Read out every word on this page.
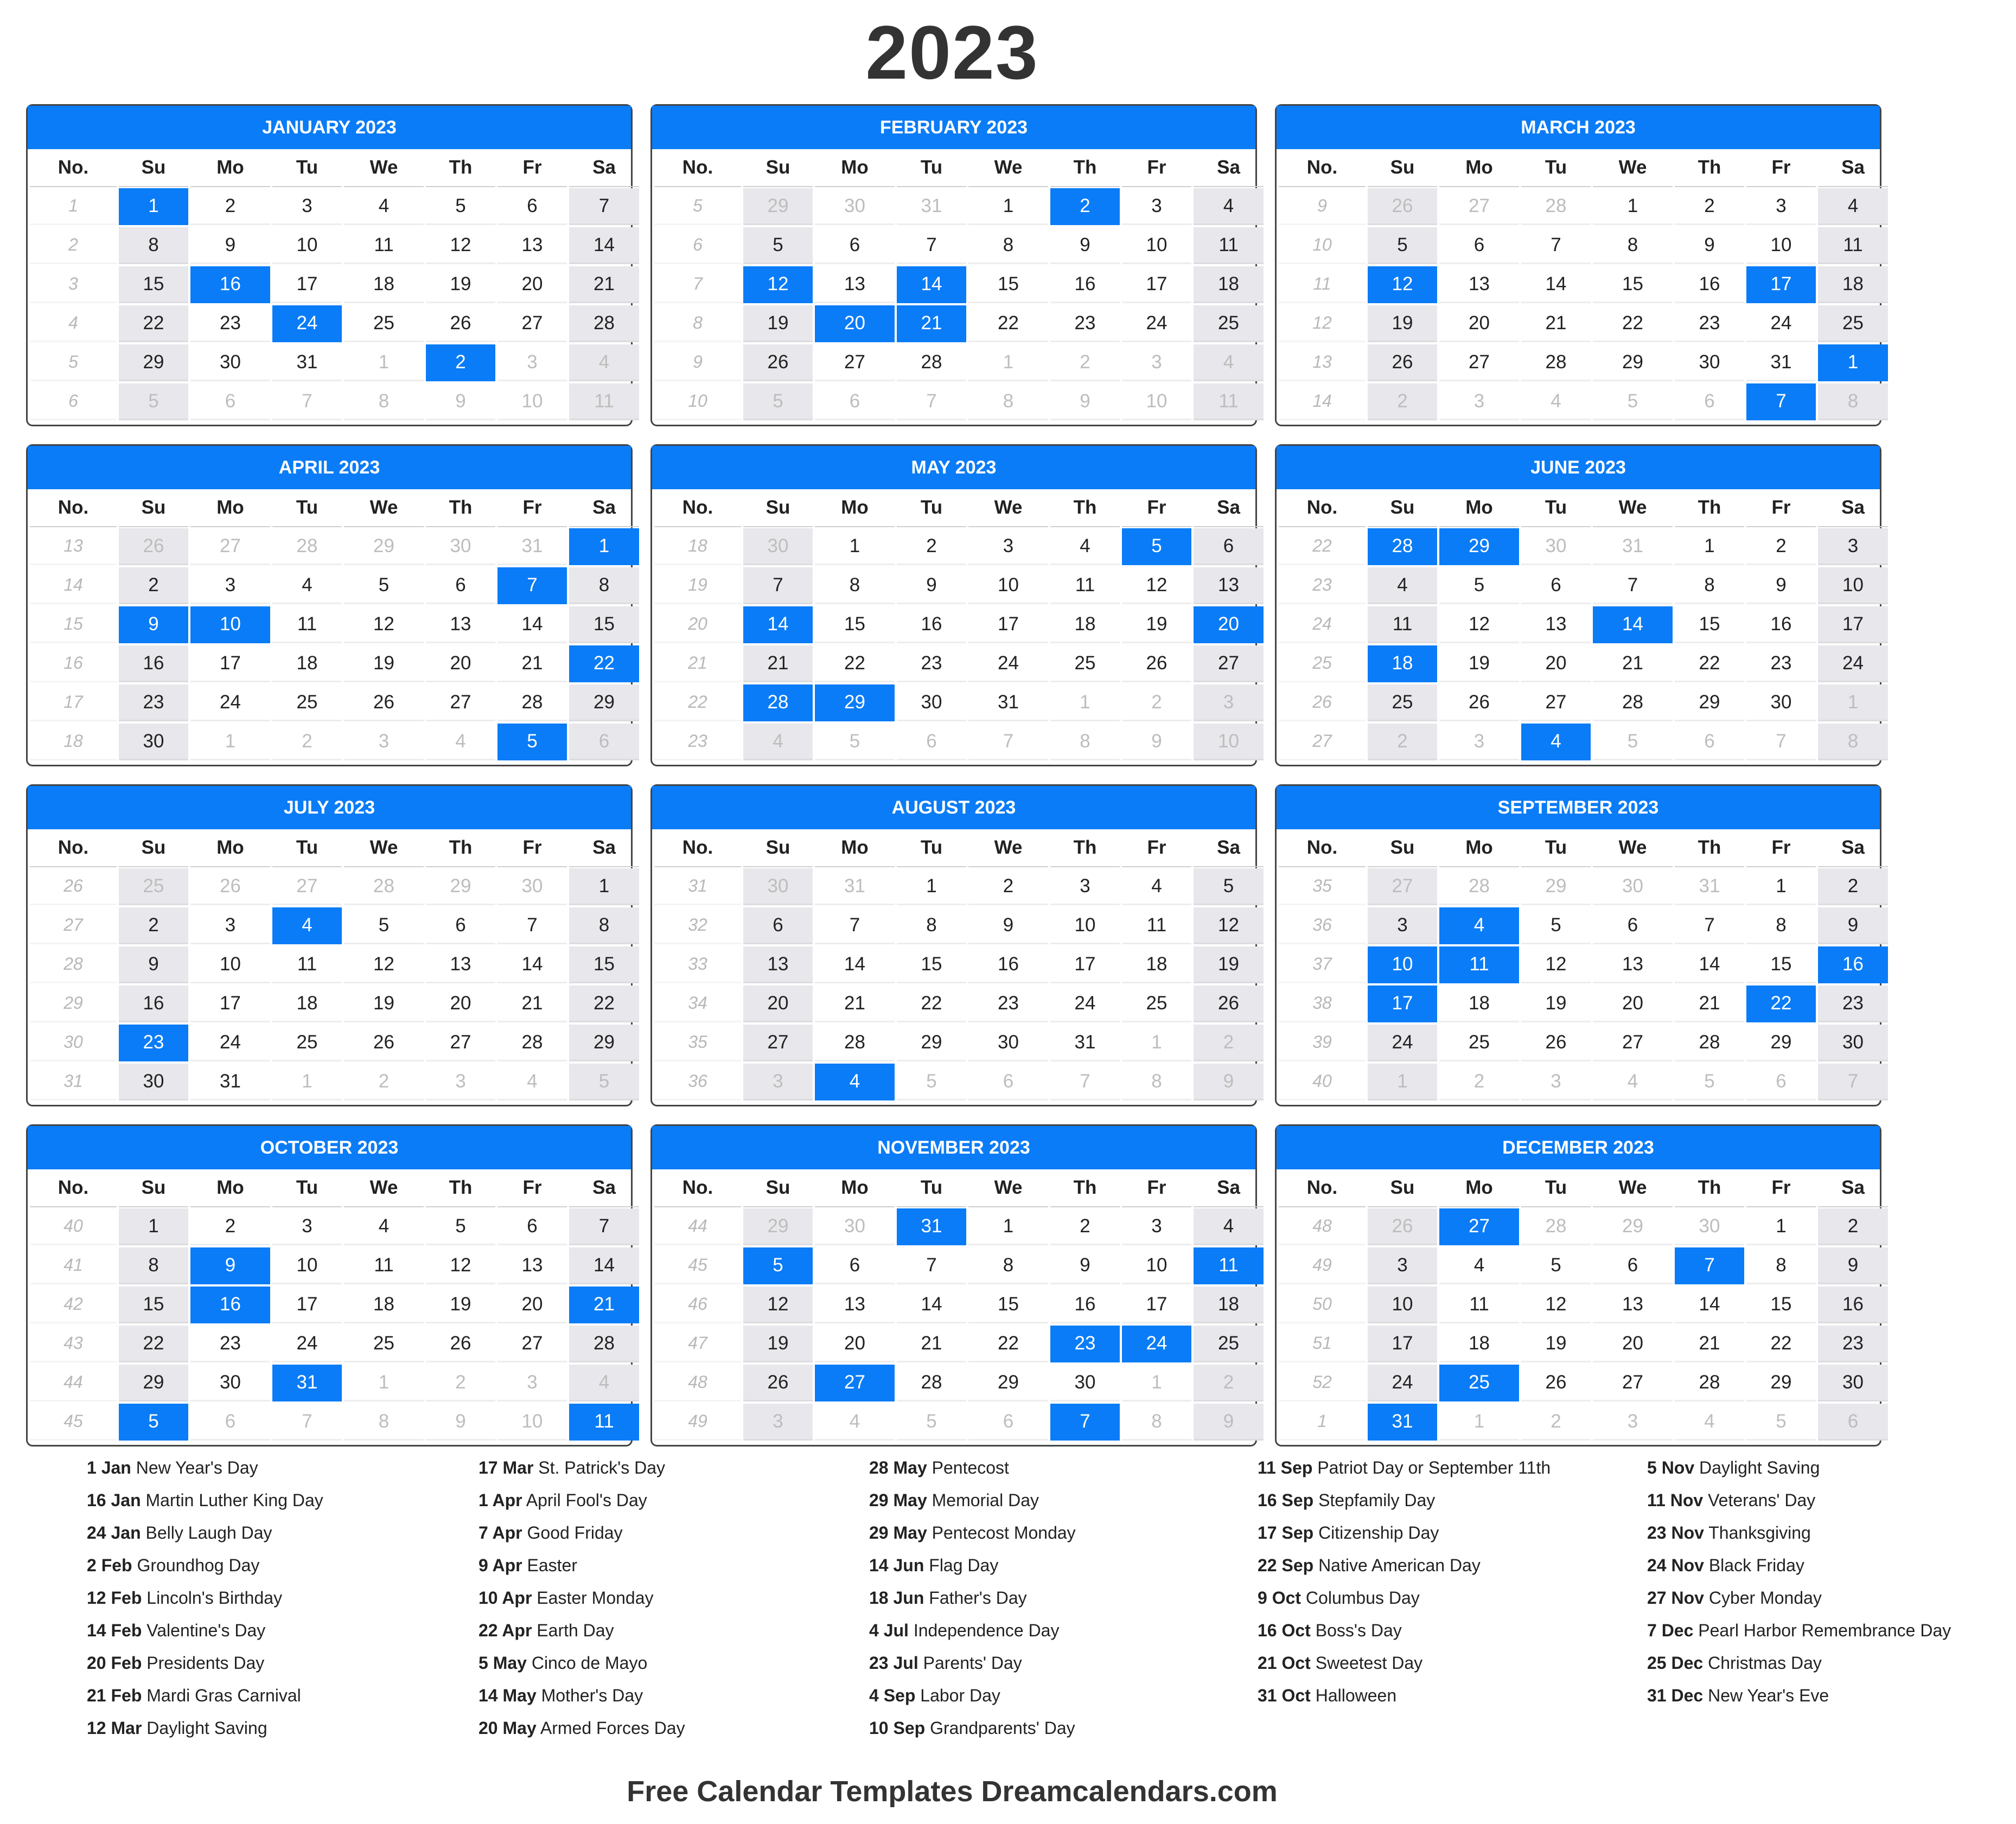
2023
JANUARY 2023
No.	Su	Mo	Tu	We	Th	Fr	Sa
1	1	2	3	4	5	6	7
2	8	9	10	11	12	13	14
3	15	16	17	18	19	20	21
4	22	23	24	25	26	27	28
5	29	30	31	1	2	3	4
6	5	6	7	8	9	10	11
FEBRUARY 2023
No.	Su	Mo	Tu	We	Th	Fr	Sa
5	29	30	31	1	2	3	4
6	5	6	7	8	9	10	11
7	12	13	14	15	16	17	18
8	19	20	21	22	23	24	25
9	26	27	28	1	2	3	4
10	5	6	7	8	9	10	11
MARCH 2023
No.	Su	Mo	Tu	We	Th	Fr	Sa
9	26	27	28	1	2	3	4
10	5	6	7	8	9	10	11
11	12	13	14	15	16	17	18
12	19	20	21	22	23	24	25
13	26	27	28	29	30	31	1
14	2	3	4	5	6	7	8
APRIL 2023
No.	Su	Mo	Tu	We	Th	Fr	Sa
13	26	27	28	29	30	31	1
14	2	3	4	5	6	7	8
15	9	10	11	12	13	14	15
16	16	17	18	19	20	21	22
17	23	24	25	26	27	28	29
18	30	1	2	3	4	5	6
MAY 2023
No.	Su	Mo	Tu	We	Th	Fr	Sa
18	30	1	2	3	4	5	6
19	7	8	9	10	11	12	13
20	14	15	16	17	18	19	20
21	21	22	23	24	25	26	27
22	28	29	30	31	1	2	3
23	4	5	6	7	8	9	10
JUNE 2023
No.	Su	Mo	Tu	We	Th	Fr	Sa
22	28	29	30	31	1	2	3
23	4	5	6	7	8	9	10
24	11	12	13	14	15	16	17
25	18	19	20	21	22	23	24
26	25	26	27	28	29	30	1
27	2	3	4	5	6	7	8
JULY 2023
No.	Su	Mo	Tu	We	Th	Fr	Sa
26	25	26	27	28	29	30	1
27	2	3	4	5	6	7	8
28	9	10	11	12	13	14	15
29	16	17	18	19	20	21	22
30	23	24	25	26	27	28	29
31	30	31	1	2	3	4	5
AUGUST 2023
No.	Su	Mo	Tu	We	Th	Fr	Sa
31	30	31	1	2	3	4	5
32	6	7	8	9	10	11	12
33	13	14	15	16	17	18	19
34	20	21	22	23	24	25	26
35	27	28	29	30	31	1	2
36	3	4	5	6	7	8	9
SEPTEMBER 2023
No.	Su	Mo	Tu	We	Th	Fr	Sa
35	27	28	29	30	31	1	2
36	3	4	5	6	7	8	9
37	10	11	12	13	14	15	16
38	17	18	19	20	21	22	23
39	24	25	26	27	28	29	30
40	1	2	3	4	5	6	7
OCTOBER 2023
No.	Su	Mo	Tu	We	Th	Fr	Sa
40	1	2	3	4	5	6	7
41	8	9	10	11	12	13	14
42	15	16	17	18	19	20	21
43	22	23	24	25	26	27	28
44	29	30	31	1	2	3	4
45	5	6	7	8	9	10	11
NOVEMBER 2023
No.	Su	Mo	Tu	We	Th	Fr	Sa
44	29	30	31	1	2	3	4
45	5	6	7	8	9	10	11
46	12	13	14	15	16	17	18
47	19	20	21	22	23	24	25
48	26	27	28	29	30	1	2
49	3	4	5	6	7	8	9
DECEMBER 2023
No.	Su	Mo	Tu	We	Th	Fr	Sa
48	26	27	28	29	30	1	2
49	3	4	5	6	7	8	9
50	10	11	12	13	14	15	16
51	17	18	19	20	21	22	23
52	24	25	26	27	28	29	30
1	31	1	2	3	4	5	6
1 Jan New Year's Day
16 Jan Martin Luther King Day
24 Jan Belly Laugh Day
2 Feb Groundhog Day
12 Feb Lincoln's Birthday
14 Feb Valentine's Day
20 Feb Presidents Day
21 Feb Mardi Gras Carnival
12 Mar Daylight Saving
17 Mar St. Patrick's Day
1 Apr April Fool's Day
7 Apr Good Friday
9 Apr Easter
10 Apr Easter Monday
22 Apr Earth Day
5 May Cinco de Mayo
14 May Mother's Day
20 May Armed Forces Day
28 May Pentecost
29 May Memorial Day
29 May Pentecost Monday
14 Jun Flag Day
18 Jun Father's Day
4 Jul Independence Day
23 Jul Parents' Day
4 Sep Labor Day
10 Sep Grandparents' Day
11 Sep Patriot Day or September 11th
16 Sep Stepfamily Day
17 Sep Citizenship Day
22 Sep Native American Day
9 Oct Columbus Day
16 Oct Boss's Day
21 Oct Sweetest Day
31 Oct Halloween
5 Nov Daylight Saving
11 Nov Veterans' Day
23 Nov Thanksgiving
24 Nov Black Friday
27 Nov Cyber Monday
7 Dec Pearl Harbor Remembrance Day
25 Dec Christmas Day
31 Dec New Year's Eve
Free Calendar Templates Dreamcalendars.com
